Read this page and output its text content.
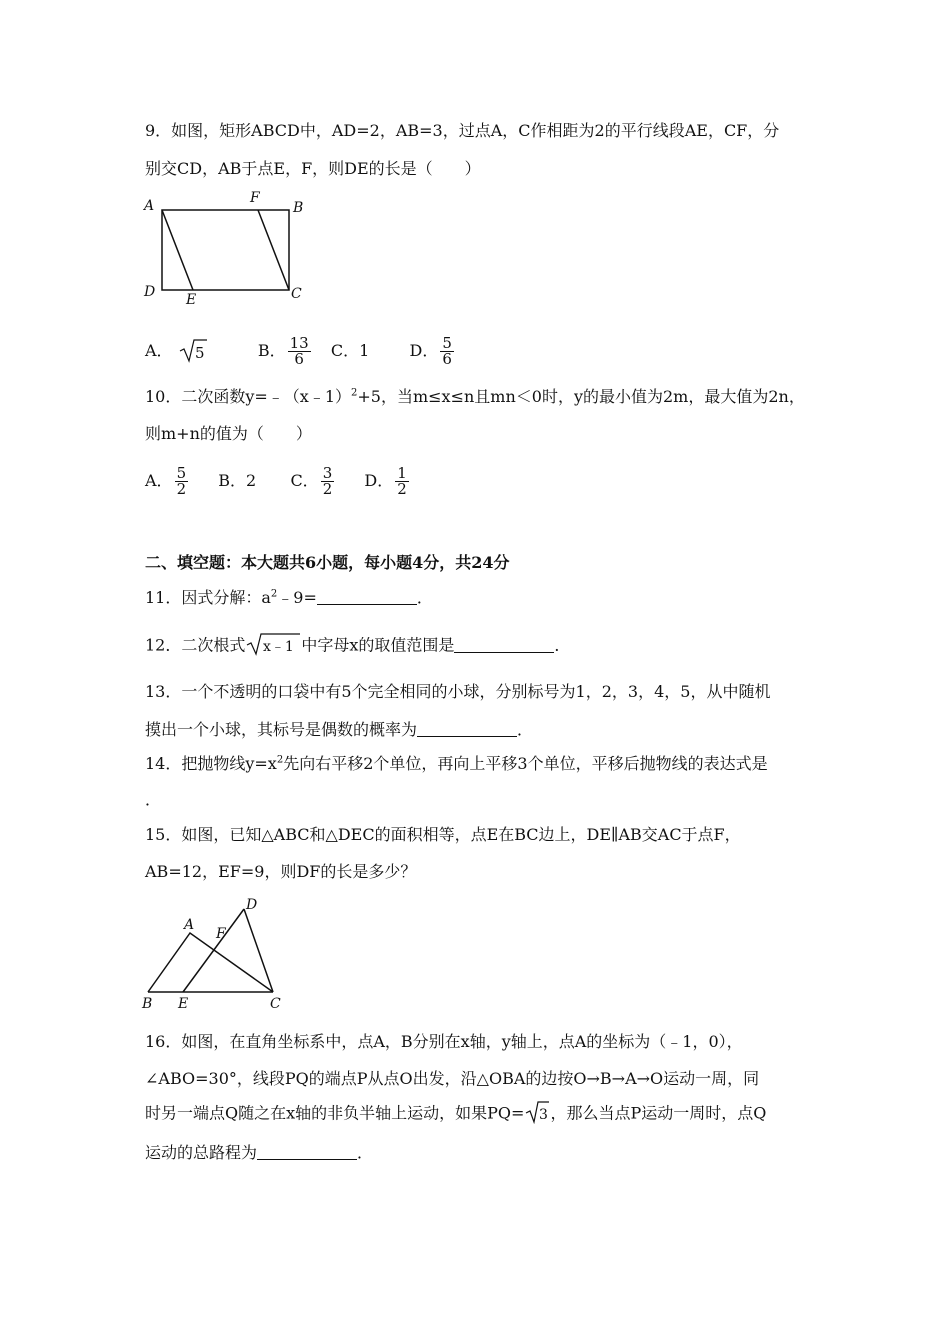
9．如图，矩形ABCD中，AD=2，AB=3，过点A，C作相距为2的平行线段AE，CF，分
别交CD，AB于点E，F，则DE的长是（　　）
A	F
B
D E	C
A． 5	B． $\frac{13}{6}$ C．1	D． $\frac{5}{6}$
10．二次函数y=﹣（x﹣1）$^2$+5，当m≤x≤n且mn＜0时，y的最小值为2m，最大值为2n，
则m+n的值为（　　）
A． $\frac{5}{2}$ B．2 C． $\frac{3}{2}$ D． $\frac{1}{2}$
二、填空题：本大题共6小题，每小题4分，共24分
11．因式分解：$a^2﹣9=$	．
12．二次根式 x﹣1 中字母x的取值范围是	．
13．一个不透明的口袋中有5个完全相同的小球，分别标号为1，2，3，4，5，从中随机
摸出一个小球，其标号是偶数的概率为	．
14．把抛物线$y=x^2$先向右平移2个单位，再向上平移3个单位，平移后抛物线的表达式是
．
15．如图，已知△ABC和△DEC的面积相等，点E在BC边上，DE∥AB交AC于点F，
AB=12，EF=9，则DF的长是多少？
A
D
F
B E	C
16．如图，在直角坐标系中，点A，B分别在x轴，y轴上，点A的坐标为（﹣1，0），
∠ABO=30°，线段PQ的端点P从点O出发，沿△OBA的边按O→B→A→O运动一周，同
时另一端点Q随之在x轴的非负半轴上运动，如果PQ= 3 ，那么当点P运动一周时，点Q
运动的总路程为	．
